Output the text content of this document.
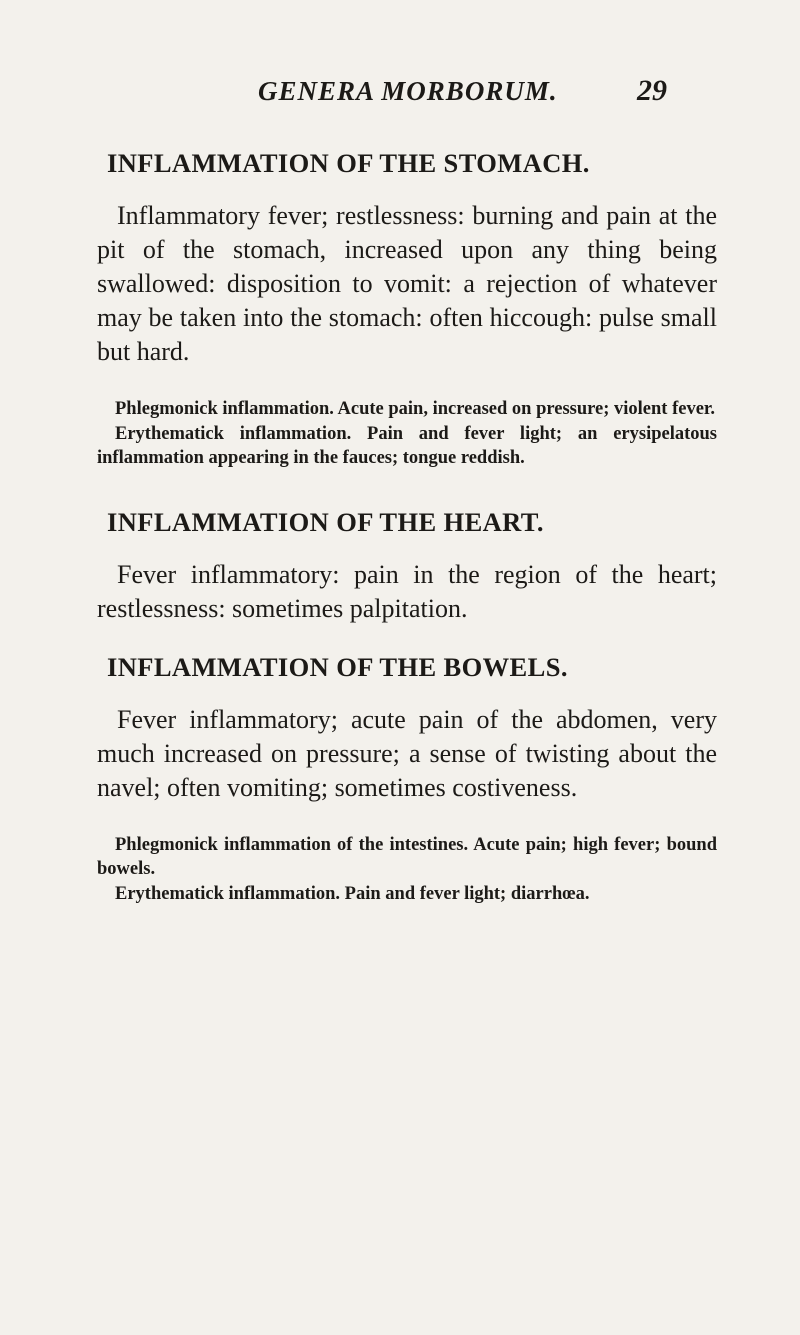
GENERA MORBORUM.	29
INFLAMMATION OF THE STOMACH.

Inflammatory fever; restlessness: burning and pain at the pit of the stomach, increased upon any thing being swallowed: disposition to vomit: a rejection of whatever may be taken into the stomach: often hiccough: pulse small but hard.

Phlegmonick inflammation. Acute pain, increased on pressure; violent fever.

Erythematick inflammation. Pain and fever light; an erysipelatous inflammation appearing in the fauces; tongue reddish.

INFLAMMATION OF THE HEART.

Fever inflammatory: pain in the region of the heart; restlessness: sometimes palpitation.

INFLAMMATION OF THE BOWELS.

Fever inflammatory; acute pain of the abdomen, very much increased on pressure; a sense of twisting about the navel; often vomiting; sometimes costiveness.

Phlegmonick inflammation of the intestines. Acute pain; high fever; bound bowels.

Erythematick inflammation. Pain and fever light; diarrhœa.
